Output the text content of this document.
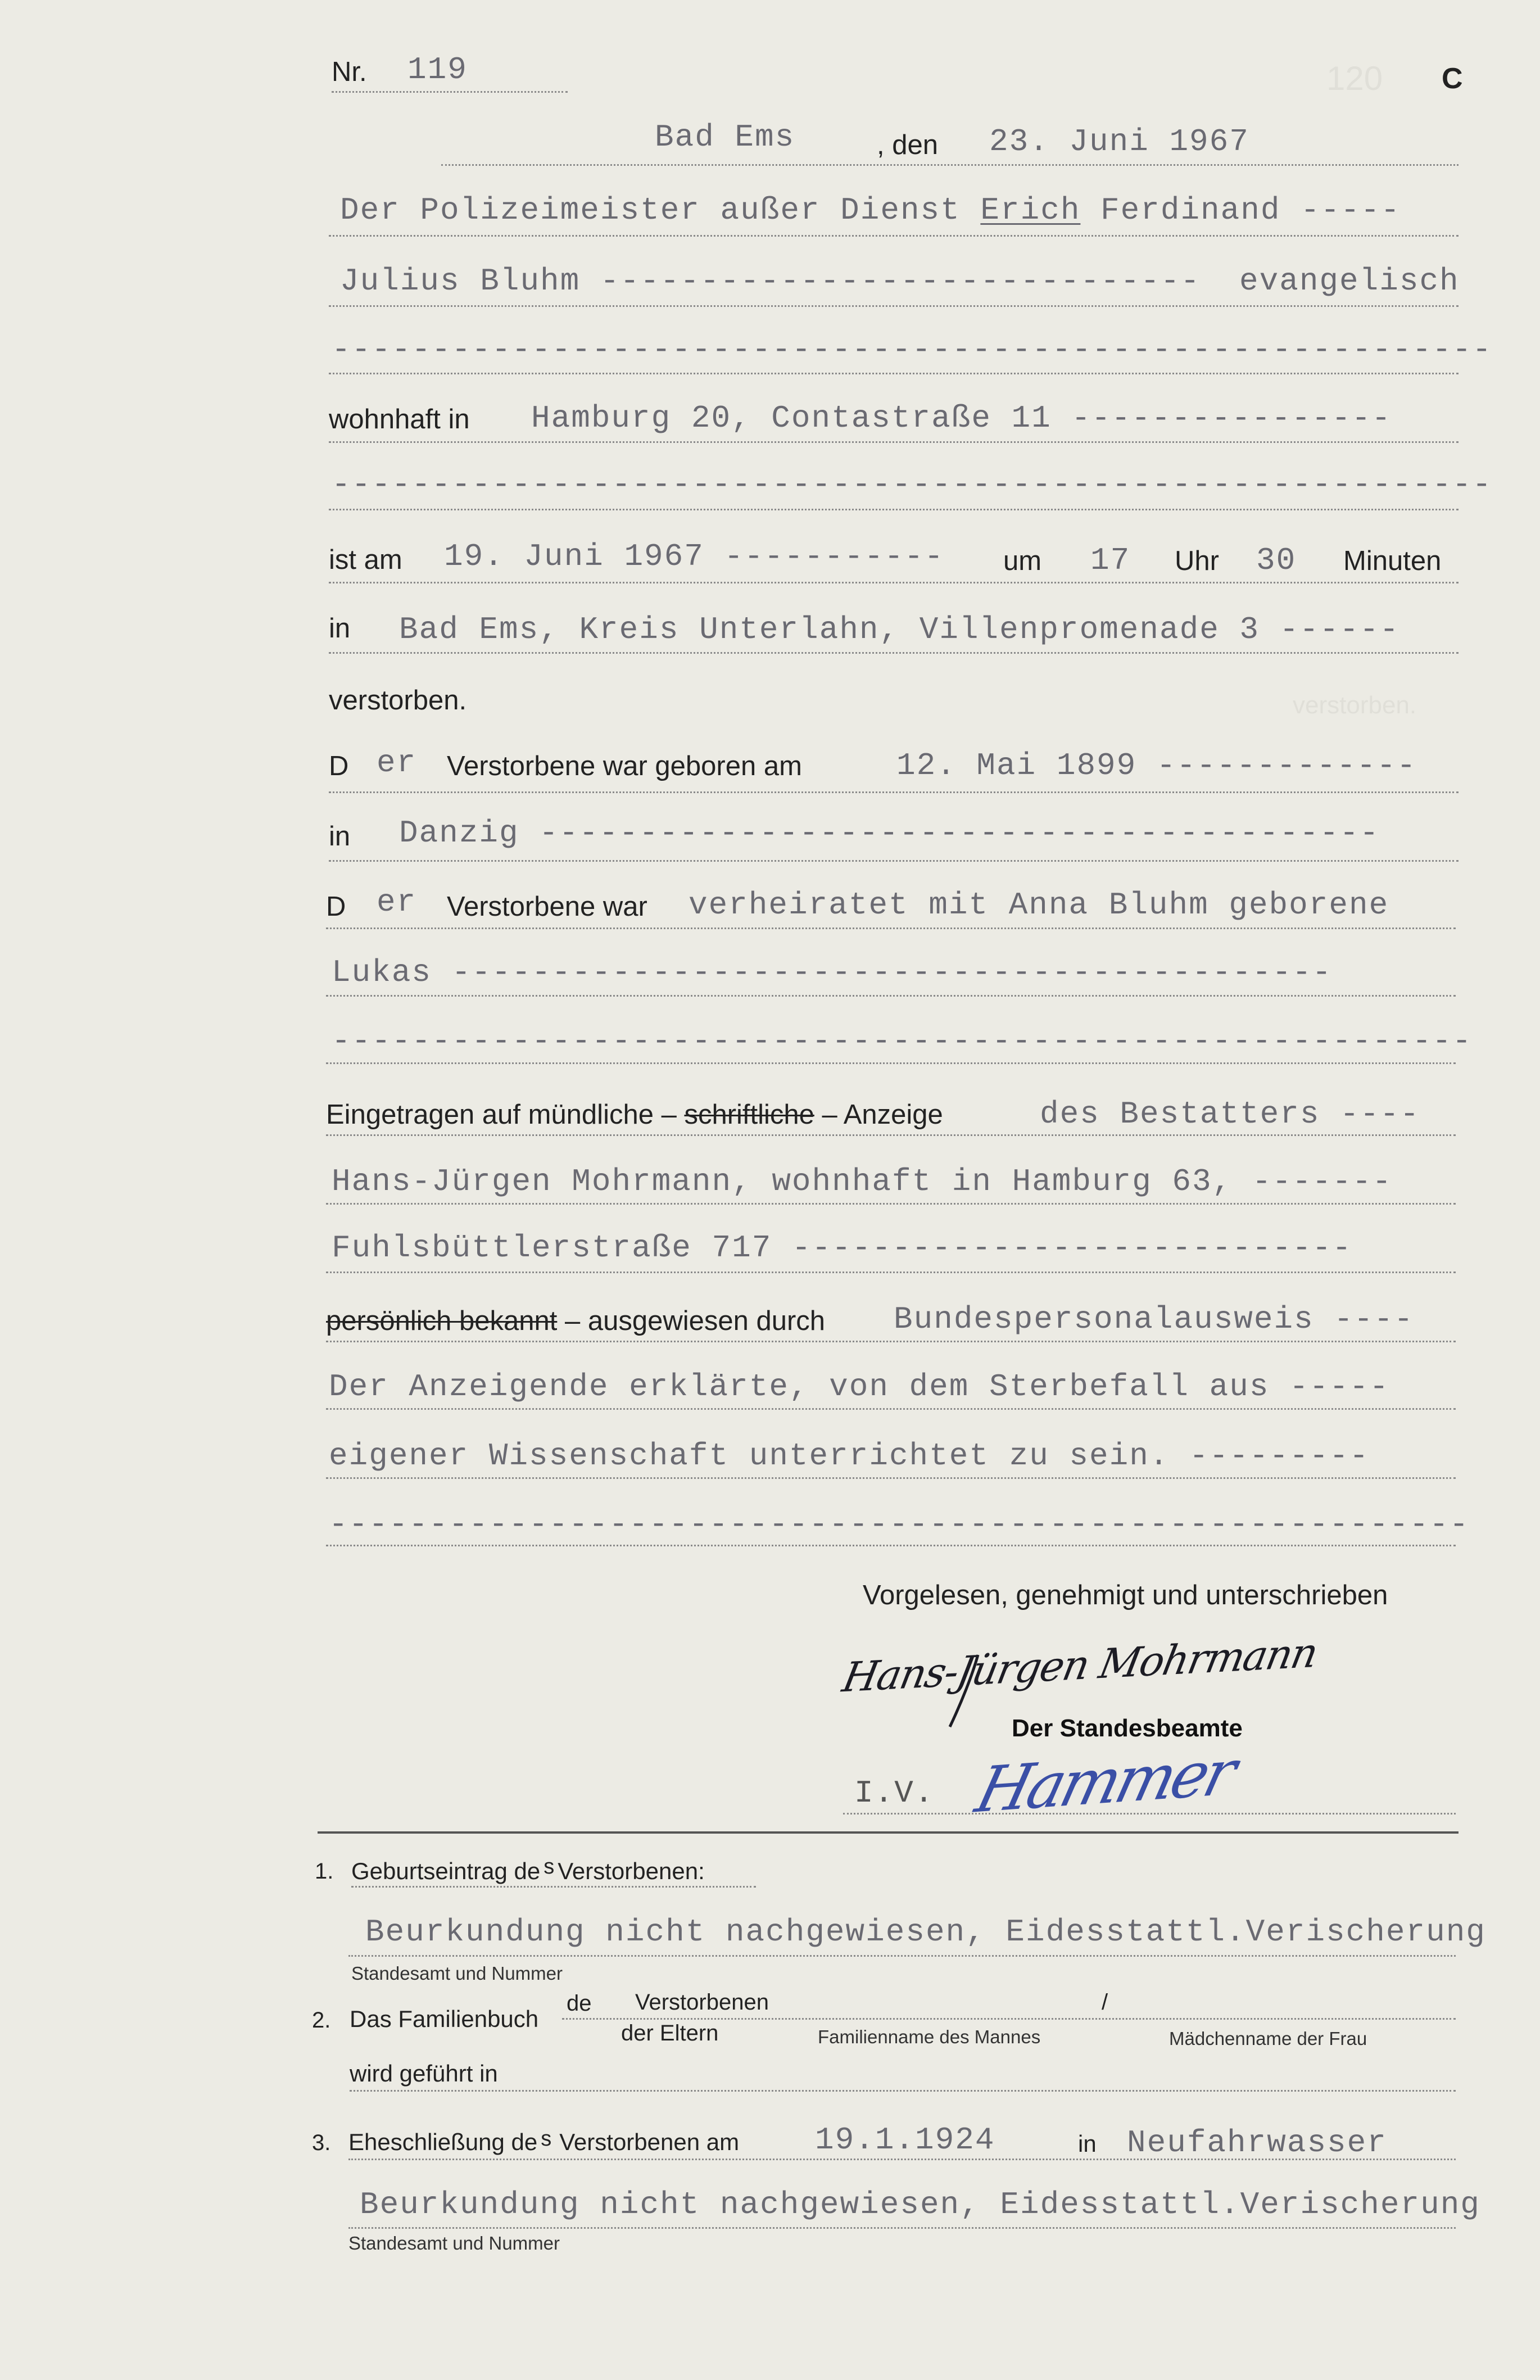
120
verstorben.
Nr. 119	C
Bad Ems	, den 23. Juni 1967
Der Polizeimeister außer Dienst Erich Ferdinand -----
Julius Bluhm ------------------------------ evangelisch
----------------------------------------------------------
wohnhaft in Hamburg 20, Contastraße 11 ----------------
----------------------------------------------------------
ist am 19. Juni 1967 ----------- um 17 Uhr 30 Minuten
in Bad Ems, Kreis Unterlahn, Villenpromenade 3 ------
verstorben.
D er Verstorbene war geboren am	12. Mai 1899 -------------
in Danzig ------------------------------------------
D er Verstorbene war verheiratet mit Anna Bluhm geborene
Lukas --------------------------------------------
---------------------------------------------------------
Eingetragen auf mündliche – schriftliche – Anzeige	des Bestatters ----
Hans-Jürgen Mohrmann, wohnhaft in Hamburg 63, -------
Fuhlsbüttlerstraße 717 ----------------------------
persönlich bekannt – ausgewiesen durch Bundespersonalausweis ----
Der Anzeigende erklärte, von dem Sterbefall aus -----
eigener Wissenschaft unterrichtet zu sein. ---------
---------------------------------------------------------
Vorgelesen, genehmigt und unterschrieben
Hans-Jürgen Mohrmann
Der Standesbeamte
I.V. Hammer
1. Geburtseintrag de s Verstorbenen:
Beurkundung nicht nachgewiesen, Eidesstattl.Verischerung
Standesamt und Nummer
2. Das Familienbuch
de Verstorbenen
der Eltern
/
Familienname des Mannes	Mädchenname der Frau
wird geführt in
3. Eheschließung de s Verstorbenen am 19.1.1924	in Neufahrwasser
Beurkundung nicht nachgewiesen, Eidesstattl.Verischerung
Standesamt und Nummer
